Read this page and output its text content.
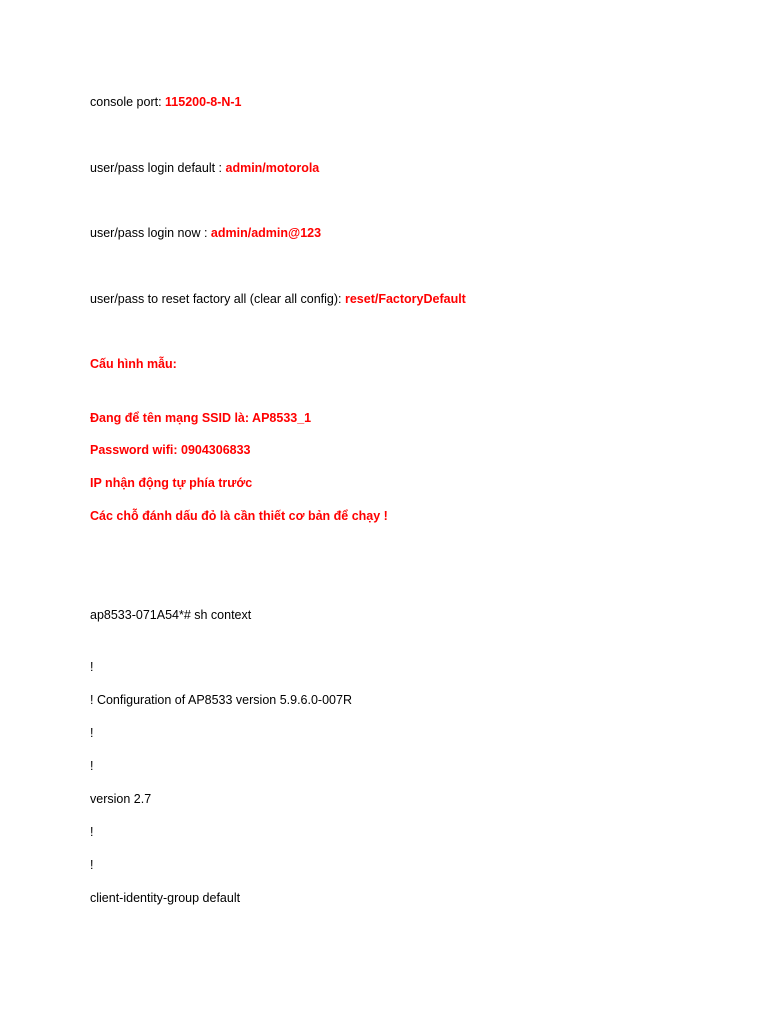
console port: 115200-8-N-1
user/pass login default : admin/motorola
user/pass login now : admin/admin@123
user/pass to reset factory all (clear all config): reset/FactoryDefault
Cấu hình mẫu:
Đang để tên mạng SSID là: AP8533_1
Password wifi: 0904306833
IP nhận động tự phía trước
Các chỗ đánh dấu đỏ là cần thiết cơ bản để chạy !
ap8533-071A54*# sh context
!
! Configuration of AP8533 version 5.9.6.0-007R
!
!
version 2.7
!
!
client-identity-group default
